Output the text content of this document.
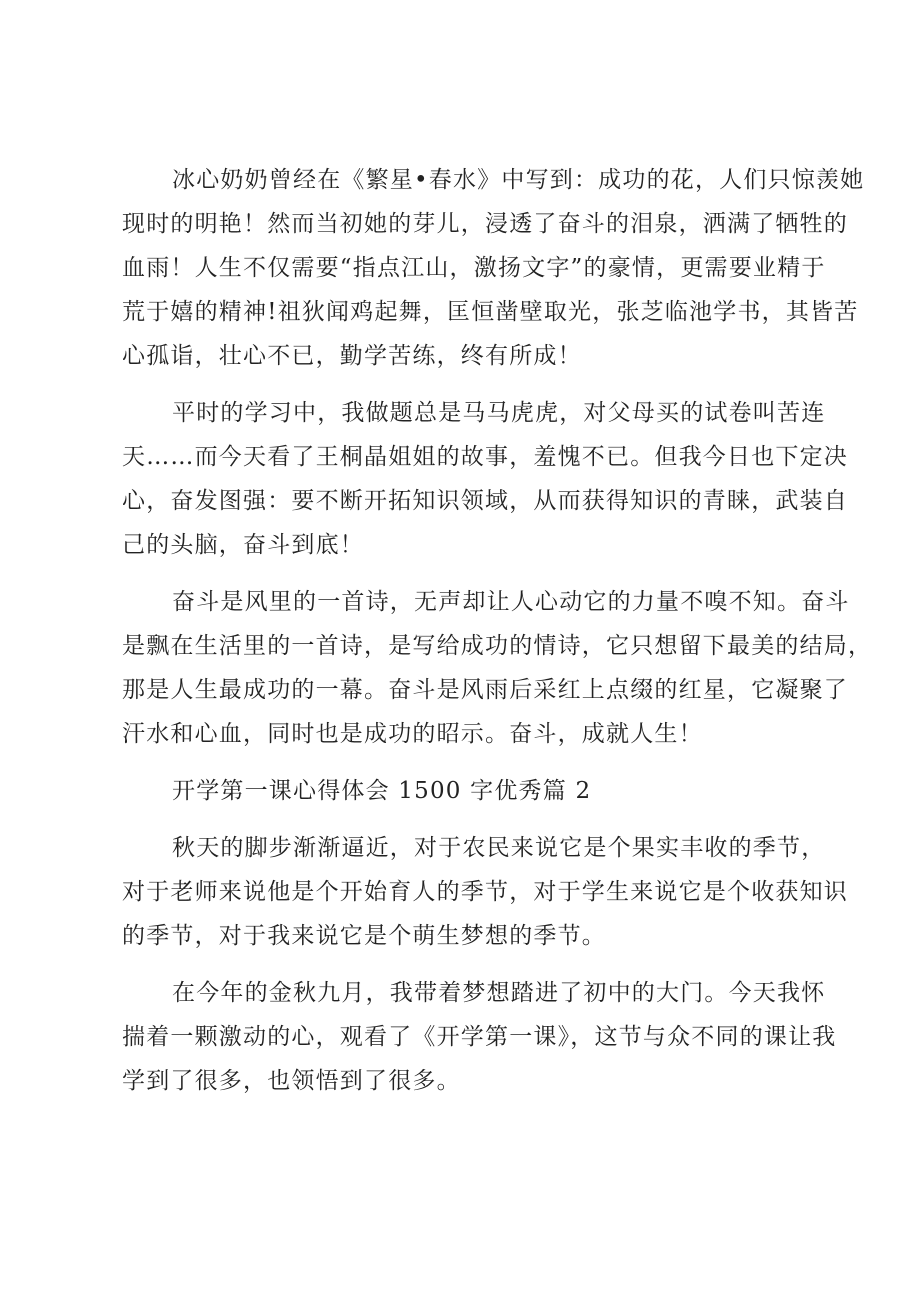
冰心奶奶曾经在《繁星•春水》中写到：成功的花，人们只惊羡她
现时的明艳！然而当初她的芽儿，浸透了奋斗的泪泉，洒满了牺牲的
血雨！人生不仅需要“指点江山，激扬文字”的豪情，更需要业精于
荒于嬉的精神!祖狄闻鸡起舞，匡恒凿壁取光，张芝临池学书，其皆苦
心孤诣，壮心不已，勤学苦练，终有所成！

平时的学习中，我做题总是马马虎虎，对父母买的试卷叫苦连
天……而今天看了王桐晶姐姐的故事，羞愧不已。但我今日也下定决
心，奋发图强：要不断开拓知识领域，从而获得知识的青睐，武装自
己的头脑，奋斗到底！

奋斗是风里的一首诗，无声却让人心动它的力量不嗅不知。奋斗
是飘在生活里的一首诗，是写给成功的情诗，它只想留下最美的结局，
那是人生最成功的一幕。奋斗是风雨后采红上点缀的红星，它凝聚了
汗水和心血，同时也是成功的昭示。奋斗，成就人生！

开学第一课心得体会 1500 字优秀篇 2

秋天的脚步渐渐逼近，对于农民来说它是个果实丰收的季节，
对于老师来说他是个开始育人的季节，对于学生来说它是个收获知识
的季节，对于我来说它是个萌生梦想的季节。

在今年的金秋九月，我带着梦想踏进了初中的大门。今天我怀
揣着一颗激动的心，观看了《开学第一课》，这节与众不同的课让我
学到了很多，也领悟到了很多。
